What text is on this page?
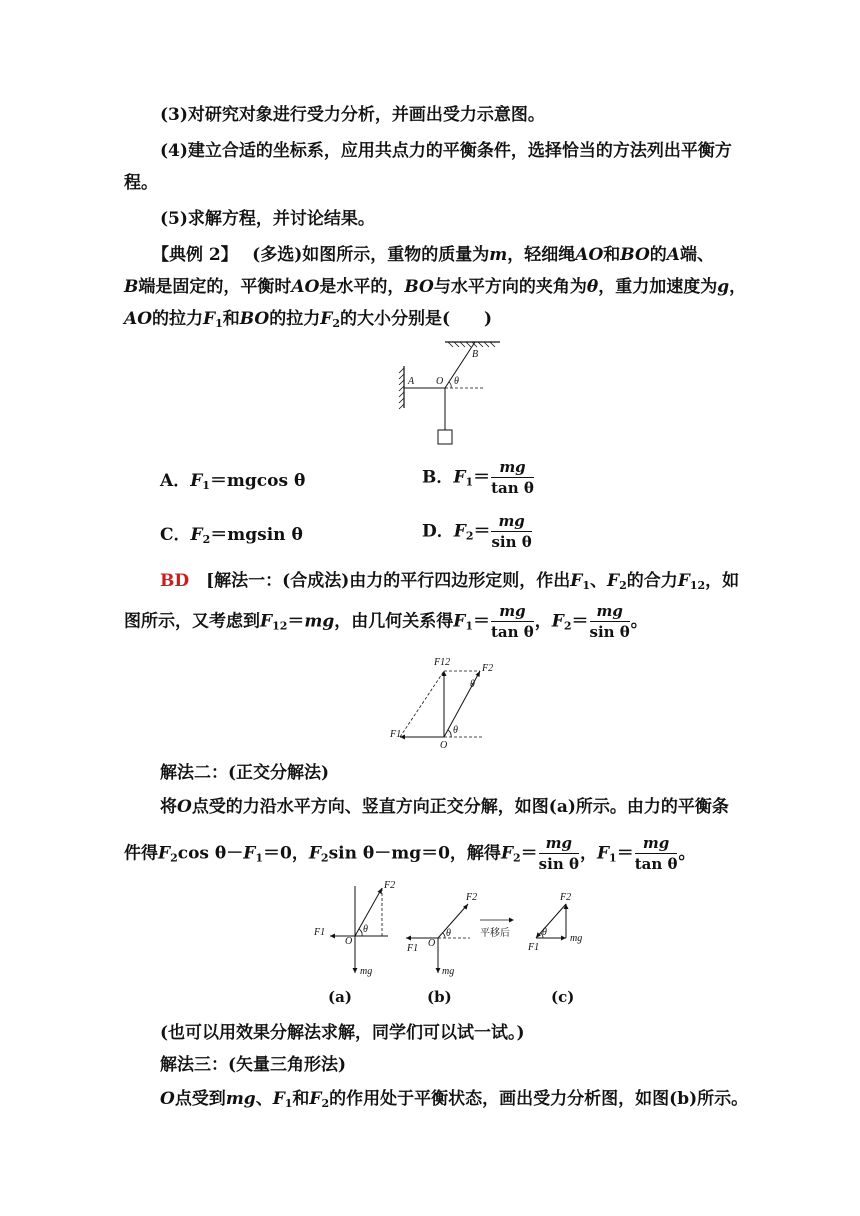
(3)对研究对象进行受力分析，并画出受力示意图。
(4)建立合适的坐标系，应用共点力的平衡条件，选择恰当的方法列出平衡方
程。
(5)求解方程，并讨论结果。
【典例 2】　 (多选)如图所示，重物的质量为m，轻细绳AO和BO的A端、
B端是固定的，平衡时AO是水平的，BO与水平方向的夹角为θ，重力加速度为g，
AO的拉力$F_1$和BO的拉力$F_2$的大小分别是(　　)
A
B
O θ
A．$F_1=mgcos$ θ	B．$F_1= \frac{mg}{\text{tan θ}}$
C．$F_2=mgsin$ θ	D．$F_2= \frac{mg}{\text{sin θ}}$
BD　 [解法一：(合成法)由力的平行四边形定则，作出$F_1$、$F_2$的合力$F_{12}$，如
图所示，又考虑到$F_{12}=mg$，由几何关系得$F_1= \frac{mg}{\text{tan θ}}$ ，$F_2= \frac{mg}{\text{sin θ}}$ 。
F12
F2
F1
O
θ
θ
解法二：(正交分解法)
将O点受的力沿水平方向、竖直方向正交分解，如图(a)所示。由力的平衡条
件得$F_2\cos$ $\theta-F_1=0$，$F_2\sin$ θ－mg＝0，解得$F_2= \frac{mg}{\text{sin θ}}$ ，$F_1= \frac{mg}{\text{tan θ}}$ 。
F2
F1
O
θ
mg
F2
F1 O
θ
mg
平移后
F2
F1
θ
mg
(a)	(b)	(c)
(也可以用效果分解法求解，同学们可以试一试。)
解法三：(矢量三角形法)
O点受到mg、$F_1$和$F_2$的作用处于平衡状态，画出受力分析图，如图(b)所示。
